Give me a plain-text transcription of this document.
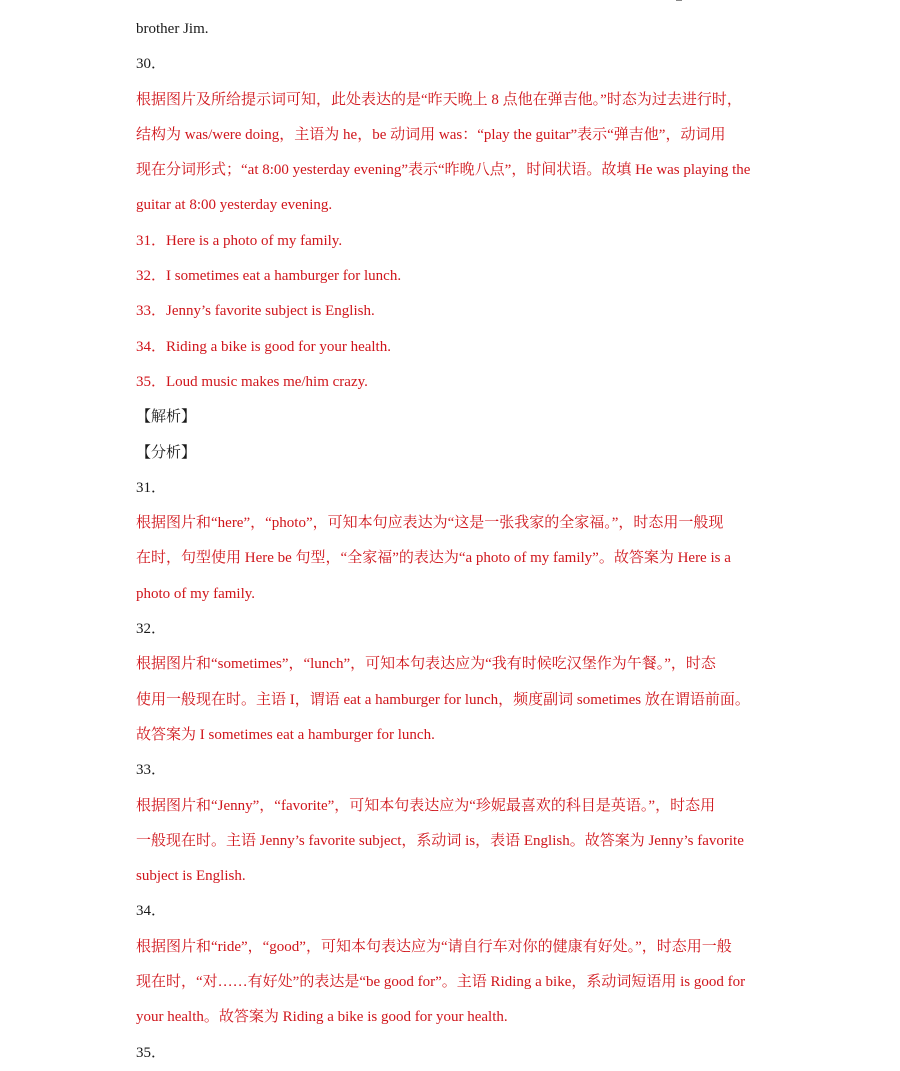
brother Jim.
30．
根据图片及所给提示词可知，此处表达的是“昨天晚上 8 点他在弹吉他。”时态为过去进行时，
结构为 was/were doing，主语为 he，be 动词用 was：“play the guitar”表示“弹吉他”，动词用
现在分词形式；“at 8:00 yesterday evening”表示“昨晚八点”，时间状语。故填 He was playing the
guitar at 8:00 yesterday evening.
31．Here is a photo of my family.
32．I sometimes eat a hamburger for lunch.
33．Jenny’s favorite subject is English.
34．Riding a bike is good for your health.
35．Loud music makes me/him crazy.
【解析】
【分析】
31．
根据图片和“here”，“photo”，可知本句应表达为“这是一张我家的全家福。”，时态用一般现
在时，句型使用 Here be 句型，“全家福”的表达为“a photo of my family”。故答案为 Here is a
photo of my family.
32．
根据图片和“sometimes”，“lunch”，可知本句表达应为“我有时候吃汉堡作为午餐。”，时态
使用一般现在时。主语 I，谓语 eat a hamburger for lunch，频度副词 sometimes 放在谓语前面。
故答案为 I sometimes eat a hamburger for lunch.
33．
根据图片和“Jenny”，“favorite”，可知本句表达应为“珍妮最喜欢的科目是英语。”，时态用
一般现在时。主语 Jenny’s favorite subject，系动词 is，表语 English。故答案为 Jenny’s favorite
subject is English.
34．
根据图片和“ride”，“good”，可知本句表达应为“请自行车对你的健康有好处。”，时态用一般
现在时，“对……有好处”的表达是“be good for”。主语 Riding a bike，系动词短语用 is good for
your health。故答案为 Riding a bike is good for your health.
35．
